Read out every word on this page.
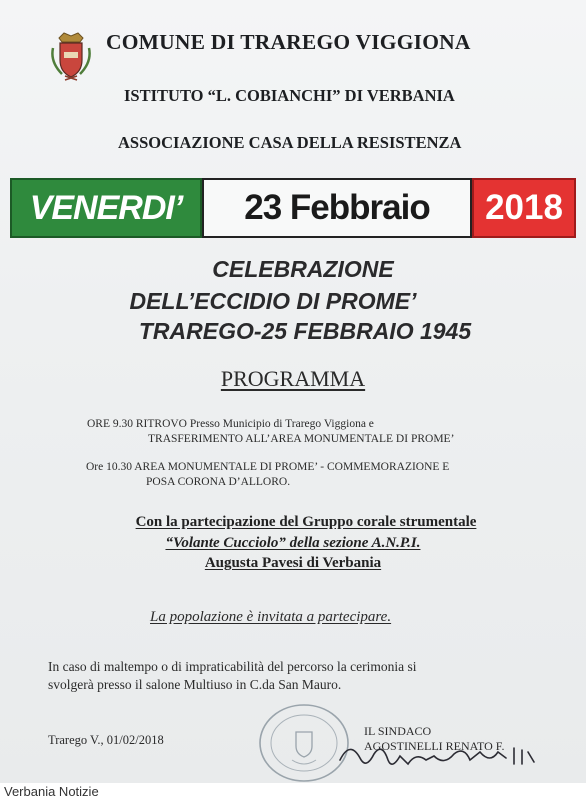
COMUNE DI TRAREGO VIGGIONA
ISTITUTO “L. COBIANCHI” DI VERBANIA
ASSOCIAZIONE CASA DELLA RESISTENZA
VENERDI’	23 Febbraio	2018
CELEBRAZIONE
DELL’ECCIDIO DI PROME’
TRAREGO-25 FEBBRAIO 1945
PROGRAMMA
ORE 9.30 RITROVO Presso Municipio di Trarego Viggiona e
TRASFERIMENTO ALL’AREA MONUMENTALE DI PROME’
Ore 10.30 AREA MONUMENTALE DI PROME’ - COMMEMORAZIONE E
POSA CORONA D’ALLORO.
Con la partecipazione del Gruppo corale strumentale
“Volante Cucciolo” della sezione A.N.P.I.
Augusta Pavesi di Verbania
La popolazione è invitata a partecipare.
In caso di maltempo o di impraticabilità del percorso la cerimonia si
svolgerà presso il salone Multiuso in C.da San Mauro.
Trarego V., 01/02/2018
IL SINDACO
AGOSTINELLI RENATO F.
Verbania Notizie
